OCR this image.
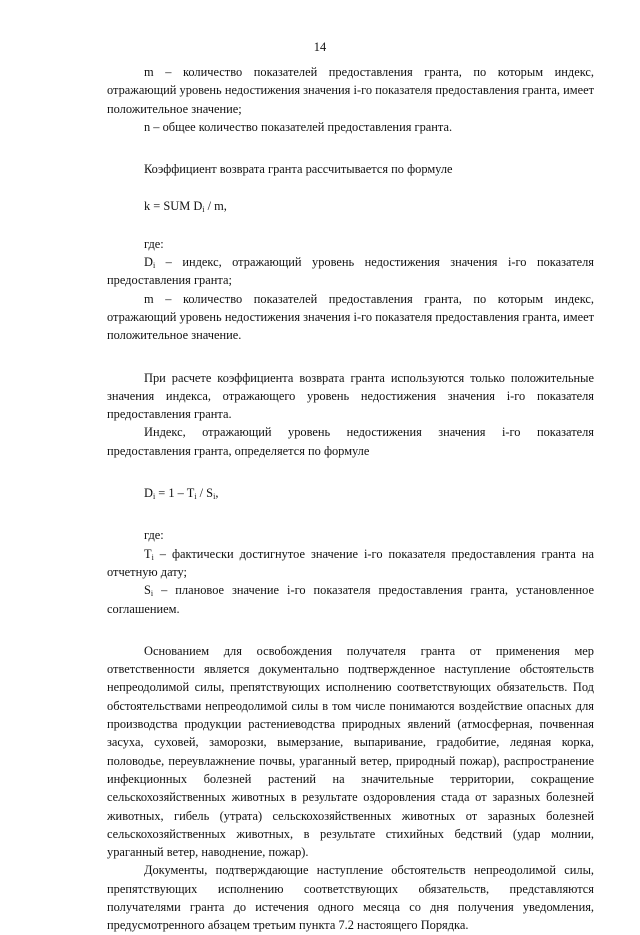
14

m – количество показателей предоставления гранта, по которым индекс, отражающий уровень недостижения значения i-го показателя предоставления гранта, имеет положительное значение;

n – общее количество показателей предоставления гранта.

Коэффициент возврата гранта рассчитывается по формуле

k = SUM $D_i$ / m,

где:

$D_i$ – индекс, отражающий уровень недостижения значения i-го показателя предоставления гранта;

m – количество показателей предоставления гранта, по которым индекс, отражающий уровень недостижения значения i-го показателя предоставления гранта, имеет положительное значение.

При расчете коэффициента возврата гранта используются только положительные значения индекса, отражающего уровень недостижения значения i-го показателя предоставления гранта.

Индекс, отражающий уровень недостижения значения i-го показателя предоставления гранта, определяется по формуле

$D_i = 1 - T_i / S_i$,

где:

$T_i$ – фактически достигнутое значение i-го показателя предоставления гранта на отчетную дату;

$S_i$ – плановое значение i-го показателя предоставления гранта, установленное соглашением.

Основанием для освобождения получателя гранта от применения мер ответственности является документально подтвержденное наступление обстоятельств непреодолимой силы, препятствующих исполнению соответствующих обязательств. Под обстоятельствами непреодолимой силы в том числе понимаются воздействие опасных для производства продукции растениеводства природных явлений (атмосферная, почвенная засуха, суховей, заморозки, вымерзание, выпаривание, градобитие, ледяная корка, половодье, переувлажнение почвы, ураганный ветер, природный пожар), распространение инфекционных болезней растений на значительные территории, сокращение сельскохозяйственных животных в результате оздоровления стада от заразных болезней животных, гибель (утрата) сельскохозяйственных животных от заразных болезней сельскохозяйственных животных, в результате стихийных бедствий (удар молнии, ураганный ветер, наводнение, пожар).

Документы, подтверждающие наступление обстоятельств непреодолимой силы, препятствующих исполнению соответствующих обязательств, представляются получателями гранта до истечения одного месяца со дня получения уведомления, предусмотренного абзацем третьим пункта 7.2 настоящего Порядка.
